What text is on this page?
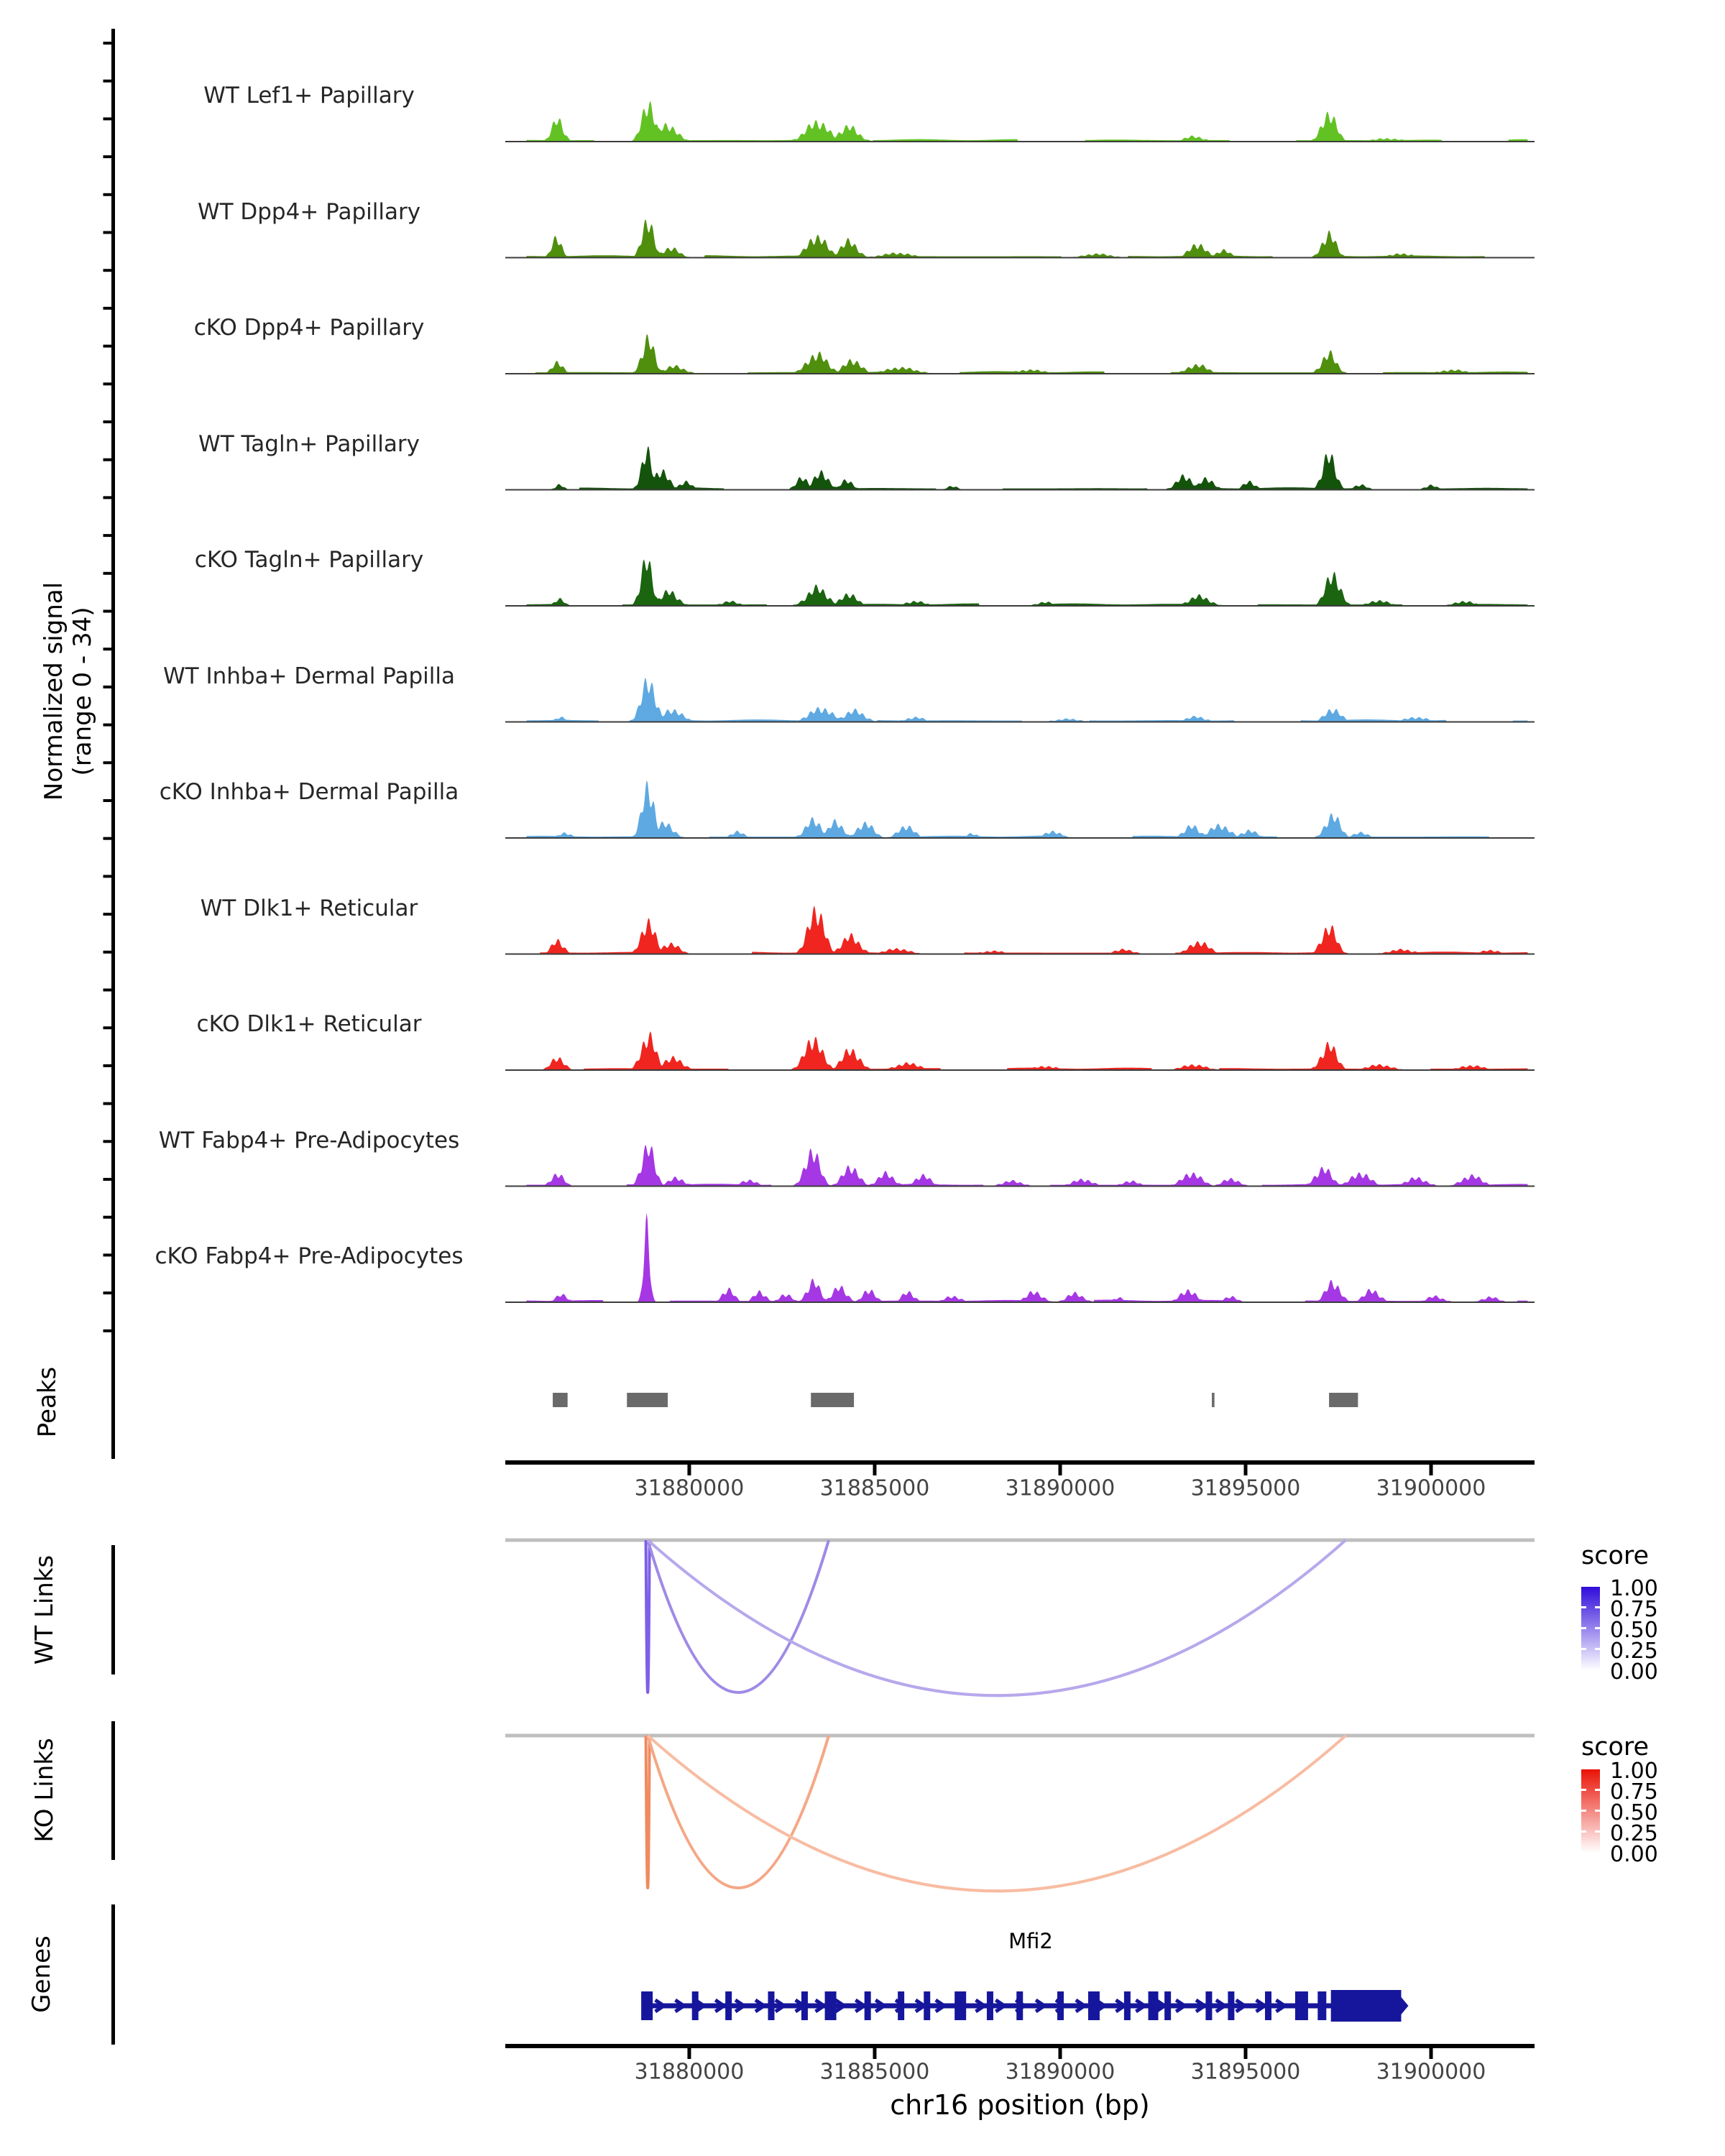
Normalized signal (range 0 - 34)
Peaks
WT Links
KO Links
Genes
score
1.00
0.75
0.50
0.25
0.00
score
1.00
0.75
0.50
0.25
0.00
Mfi2
chr16 position (bp)
WT Lef1+ Papillary
WT Dpp4+ Papillary
cKO Dpp4+ Papillary
WT Tagln+ Papillary
cKO Tagln+ Papillary
WT Inhba+ Dermal Papilla
cKO Inhba+ Dermal Papilla
WT Dlk1+ Reticular
cKO Dlk1+ Reticular
WT Fabp4+ Pre-Adipocytes
cKO Fabp4+ Pre-Adipocytes
31880000	31885000	31890000	31895000	31900000
31880000	31885000	31890000	31895000	31900000
